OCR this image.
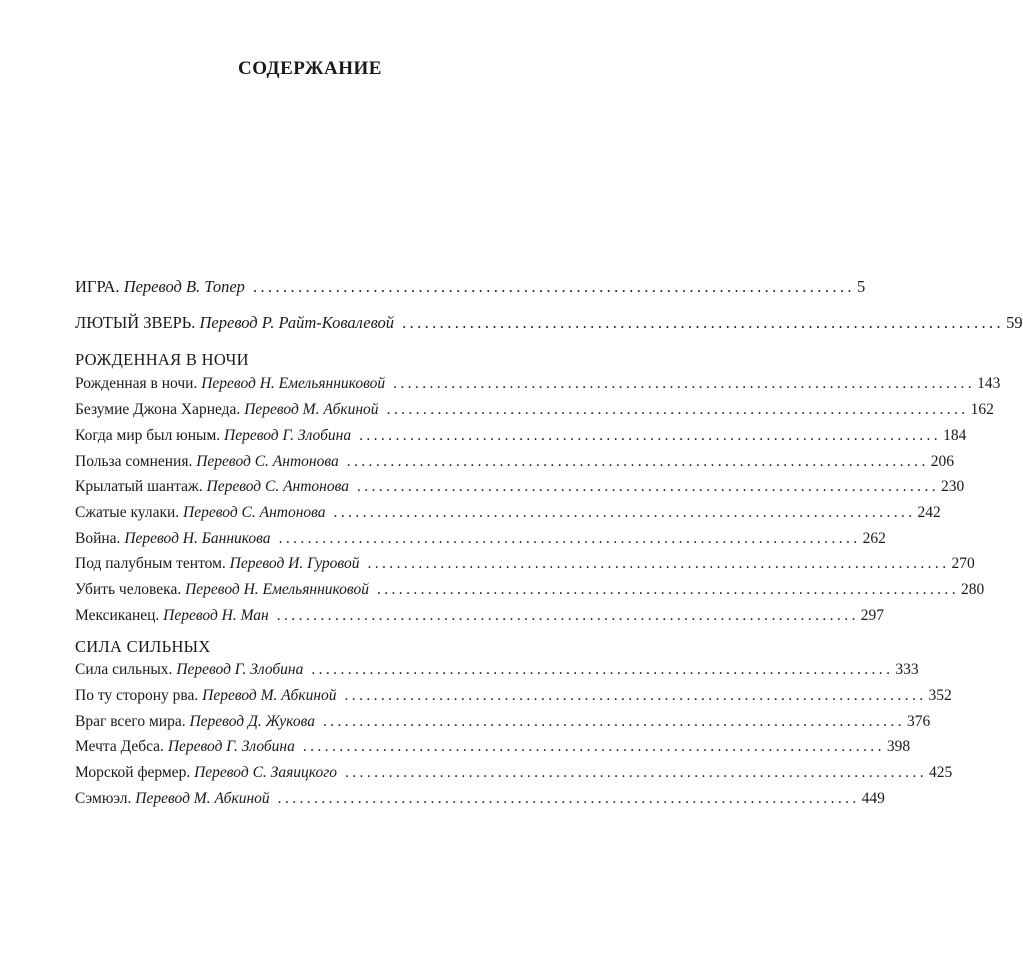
СОДЕРЖАНИЕ
ИГРА.
Перевод В. Топер ................................................................................ 5
ЛЮТЫЙ ЗВЕРЬ.
Перевод Р. Райт-Ковалевой ................................................................................ 59
РОЖДЕННАЯ В НОЧИ
Рожденная в ночи.
Перевод Н. Емельянниковой ................................................................................ 143
Безумие Джона Харнеда.
Перевод М. Абкиной ................................................................................ 162
Когда мир был юным.
Перевод Г. Злобина ................................................................................ 184
Польза сомнения.
Перевод С. Антонова ................................................................................ 206
Крылатый шантаж.
Перевод С. Антонова ................................................................................ 230
Сжатые кулаки.
Перевод С. Антонова ................................................................................ 242
Война.
Перевод Н. Банникова ................................................................................ 262
Под палубным тентом.
Перевод И. Гуровой ................................................................................ 270
Убить человека.
Перевод Н. Емельянниковой ................................................................................ 280
Мексиканец.
Перевод Н. Ман ................................................................................ 297
СИЛА СИЛЬНЫХ
Сила сильных.
Перевод Г. Злобина ................................................................................ 333
По ту сторону рва.
Перевод М. Абкиной ................................................................................ 352
Враг всего мира.
Перевод Д. Жукова ................................................................................ 376
Мечта Дебса.
Перевод Г. Злобина ................................................................................ 398
Морской фермер.
Перевод С. Заяицкого ................................................................................ 425
Сэмюэл.
Перевод М. Абкиной ................................................................................ 449
